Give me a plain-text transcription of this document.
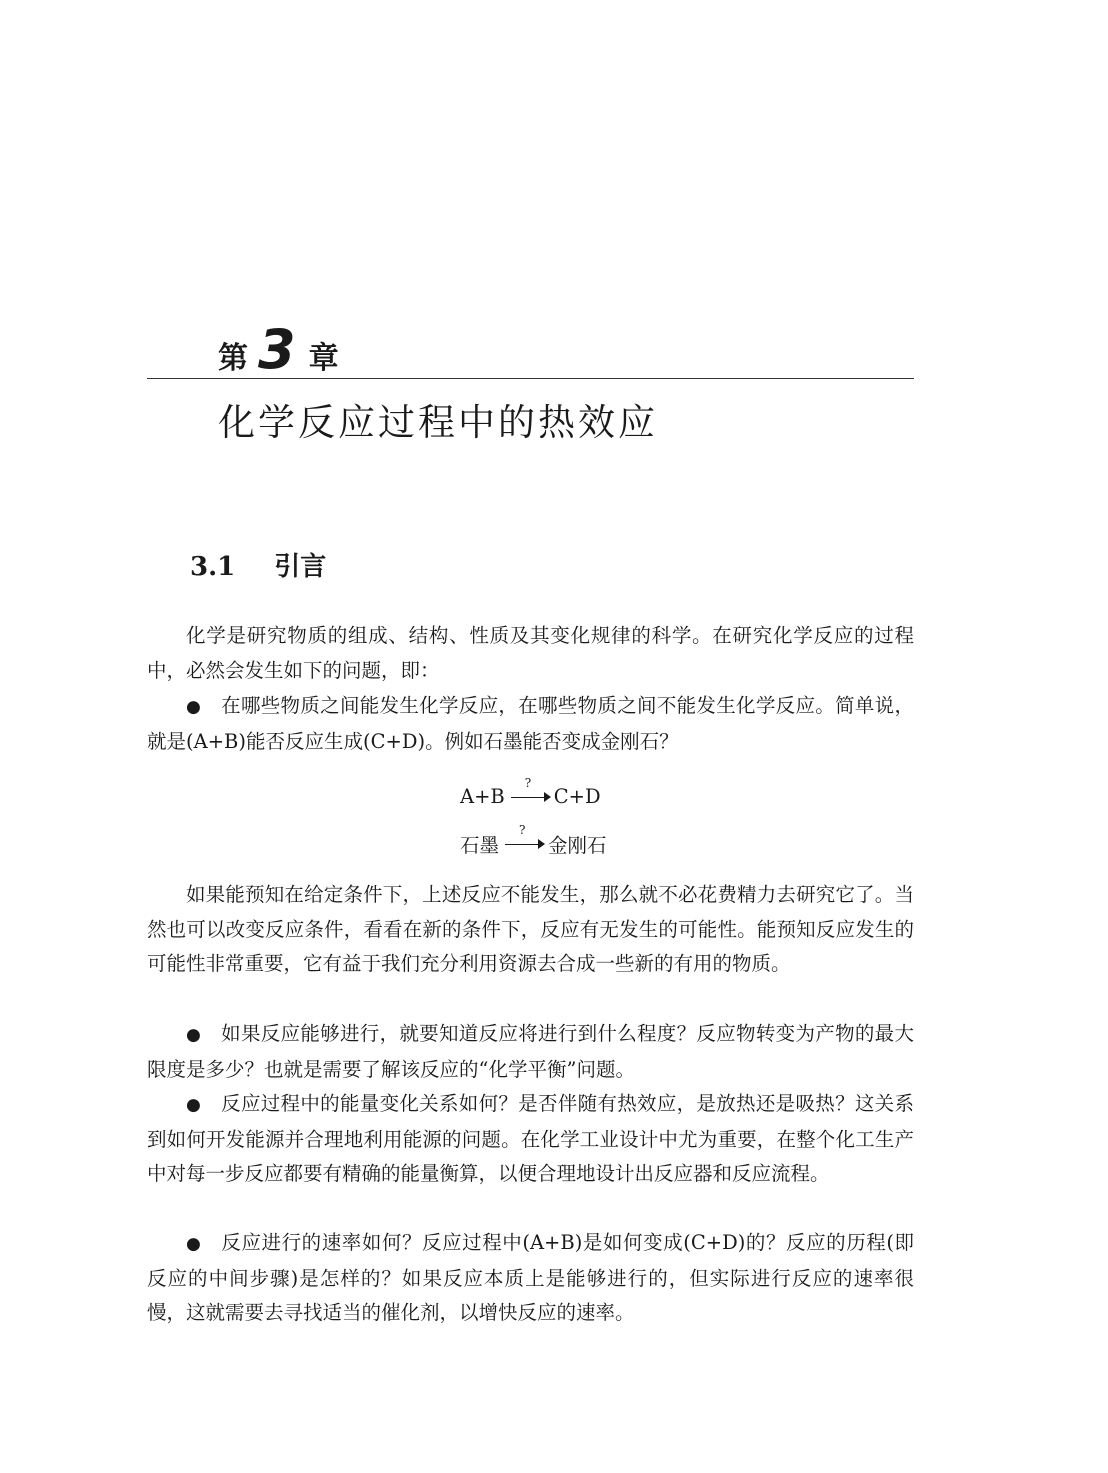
第 3 章
化学反应过程中的热效应
3.1 引言

化学是研究物质的组成、结构、性质及其变化规律的科学。在研究化学反应的过程中，必然会发生如下的问题，即：

● 在哪些物质之间能发生化学反应，在哪些物质之间不能发生化学反应。简单说，就是(A+B)能否反应生成(C+D)。例如石墨能否变成金刚石？

A+B
?
C+D
石墨
?
金刚石

如果能预知在给定条件下，上述反应不能发生，那么就不必花费精力去研究它了。当然也可以改变反应条件，看看在新的条件下，反应有无发生的可能性。能预知反应发生的可能性非常重要，它有益于我们充分利用资源去合成一些新的有用的物质。

● 如果反应能够进行，就要知道反应将进行到什么程度？反应物转变为产物的最大限度是多少？也就是需要了解该反应的“化学平衡”问题。

● 反应过程中的能量变化关系如何？是否伴随有热效应，是放热还是吸热？这关系到如何开发能源并合理地利用能源的问题。在化学工业设计中尤为重要，在整个化工生产中对每一步反应都要有精确的能量衡算，以便合理地设计出反应器和反应流程。

● 反应进行的速率如何？反应过程中(A+B)是如何变成(C+D)的？反应的历程(即反应的中间步骤)是怎样的？如果反应本质上是能够进行的，但实际进行反应的速率很慢，这就需要去寻找适当的催化剂，以增快反应的速率。
